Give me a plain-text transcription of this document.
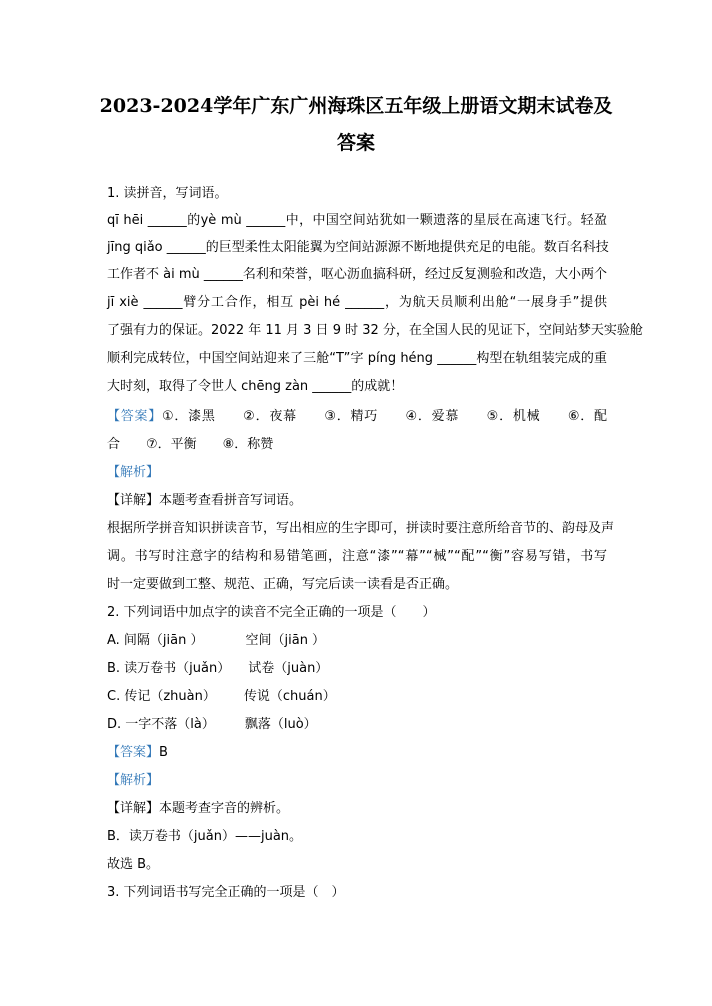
2023-2024学年广东广州海珠区五年级上册语文期末试卷及
答案
1. 读拼音，写词语。
qī hēi ______的yè mù ______中，中国空间站犹如一颗遗落的星辰在高速飞行。轻盈
jīng qiǎo ______的巨型柔性太阳能翼为空间站源源不断地提供充足的电能。数百名科技
工作者不 ài mù ______名利和荣誉，呕心沥血搞科研，经过反复测验和改造，大小两个
jī xiè ______臂分工合作，相互 pèi hé ______，为航天员顺利出舱“一展身手”提供
了强有力的保证。2022 年 11 月 3 日 9 时 32 分，在全国人民的见证下，空间站梦天实验舱
顺利完成转位，中国空间站迎来了三舱“T”字 píng héng ______构型在轨组装完成的重
大时刻，取得了令世人 chēng zàn ______的成就！
【答案】①．漆黑　　②．夜幕　　③．精巧　　④．爱慕　　⑤．机械　　⑥．配
合　　⑦．平衡　　⑧．称赞
【解析】
【详解】本题考查看拼音写词语。
根据所学拼音知识拼读音节，写出相应的生字即可，拼读时要注意所给音节的、韵母及声
调。书写时注意字的结构和易错笔画，注意“漆”“幕”“械”“配”“衡”容易写错，书写
时一定要做到工整、规范、正确，写完后读一读看是否正确。
2. 下列词语中加点字的读音不完全正确的一项是（　　）
A. 间隔（jiān ）	空间（jiān ）
B. 读万卷书（juǎn） 试卷（juàn）
C. 传记（zhuàn） 传说（chuán）
D. 一字不落（là） 飘落（luò）
【答案】B
【解析】
【详解】本题考查字音的辨析。
B．读万卷书（juǎn）——juàn。
故选 B。
3. 下列词语书写完全正确的一项是（　）
